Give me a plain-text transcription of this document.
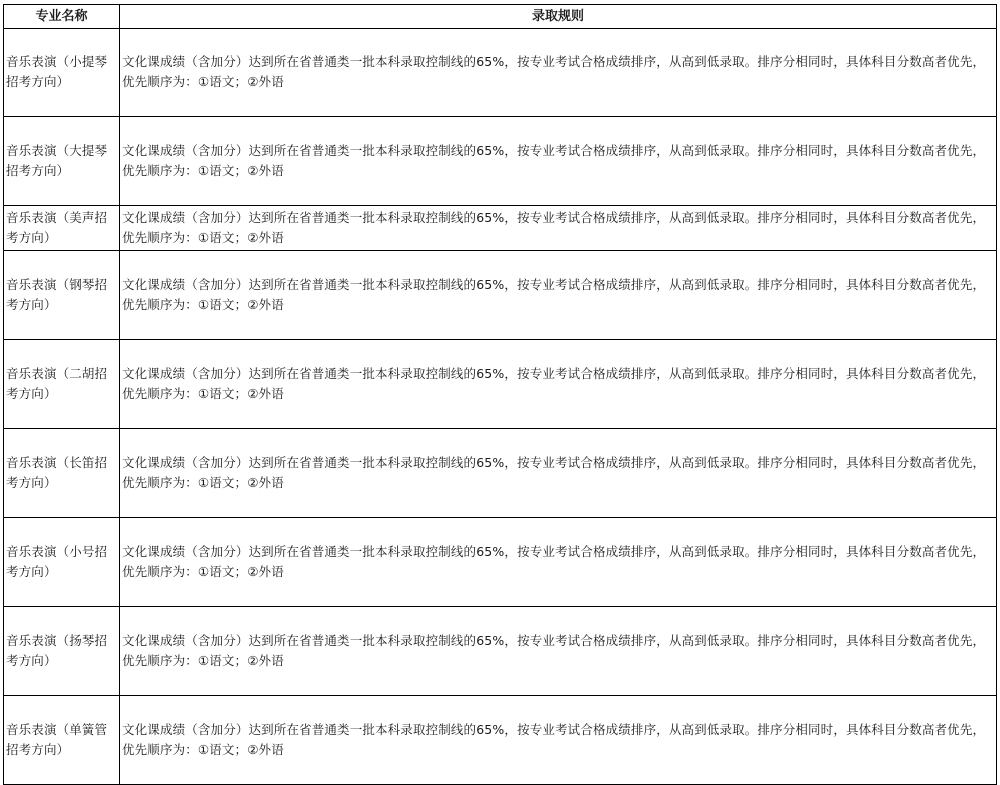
专业名称	录取规则

音乐表演（小提琴招考方向）	文化课成绩（含加分）达到所在省普通类一批本科录取控制线的65%，按专业考试合格成绩排序，从高到低录取。排序分相同时，具体科目分数高者优先，优先顺序为：①语文；②外语

音乐表演（大提琴招考方向）	文化课成绩（含加分）达到所在省普通类一批本科录取控制线的65%，按专业考试合格成绩排序，从高到低录取。排序分相同时，具体科目分数高者优先，优先顺序为：①语文；②外语

音乐表演（美声招考方向）	文化课成绩（含加分）达到所在省普通类一批本科录取控制线的65%，按专业考试合格成绩排序，从高到低录取。排序分相同时，具体科目分数高者优先，优先顺序为：①语文；②外语

音乐表演（钢琴招考方向）	文化课成绩（含加分）达到所在省普通类一批本科录取控制线的65%，按专业考试合格成绩排序，从高到低录取。排序分相同时，具体科目分数高者优先，优先顺序为：①语文；②外语

音乐表演（二胡招考方向）	文化课成绩（含加分）达到所在省普通类一批本科录取控制线的65%，按专业考试合格成绩排序，从高到低录取。排序分相同时，具体科目分数高者优先，优先顺序为：①语文；②外语

音乐表演（长笛招考方向）	文化课成绩（含加分）达到所在省普通类一批本科录取控制线的65%，按专业考试合格成绩排序，从高到低录取。排序分相同时，具体科目分数高者优先，优先顺序为：①语文；②外语

音乐表演（小号招考方向）	文化课成绩（含加分）达到所在省普通类一批本科录取控制线的65%，按专业考试合格成绩排序，从高到低录取。排序分相同时，具体科目分数高者优先，优先顺序为：①语文；②外语

音乐表演（扬琴招考方向）	文化课成绩（含加分）达到所在省普通类一批本科录取控制线的65%，按专业考试合格成绩排序，从高到低录取。排序分相同时，具体科目分数高者优先，优先顺序为：①语文；②外语

音乐表演（单簧管招考方向）	文化课成绩（含加分）达到所在省普通类一批本科录取控制线的65%，按专业考试合格成绩排序，从高到低录取。排序分相同时，具体科目分数高者优先，优先顺序为：①语文；②外语
